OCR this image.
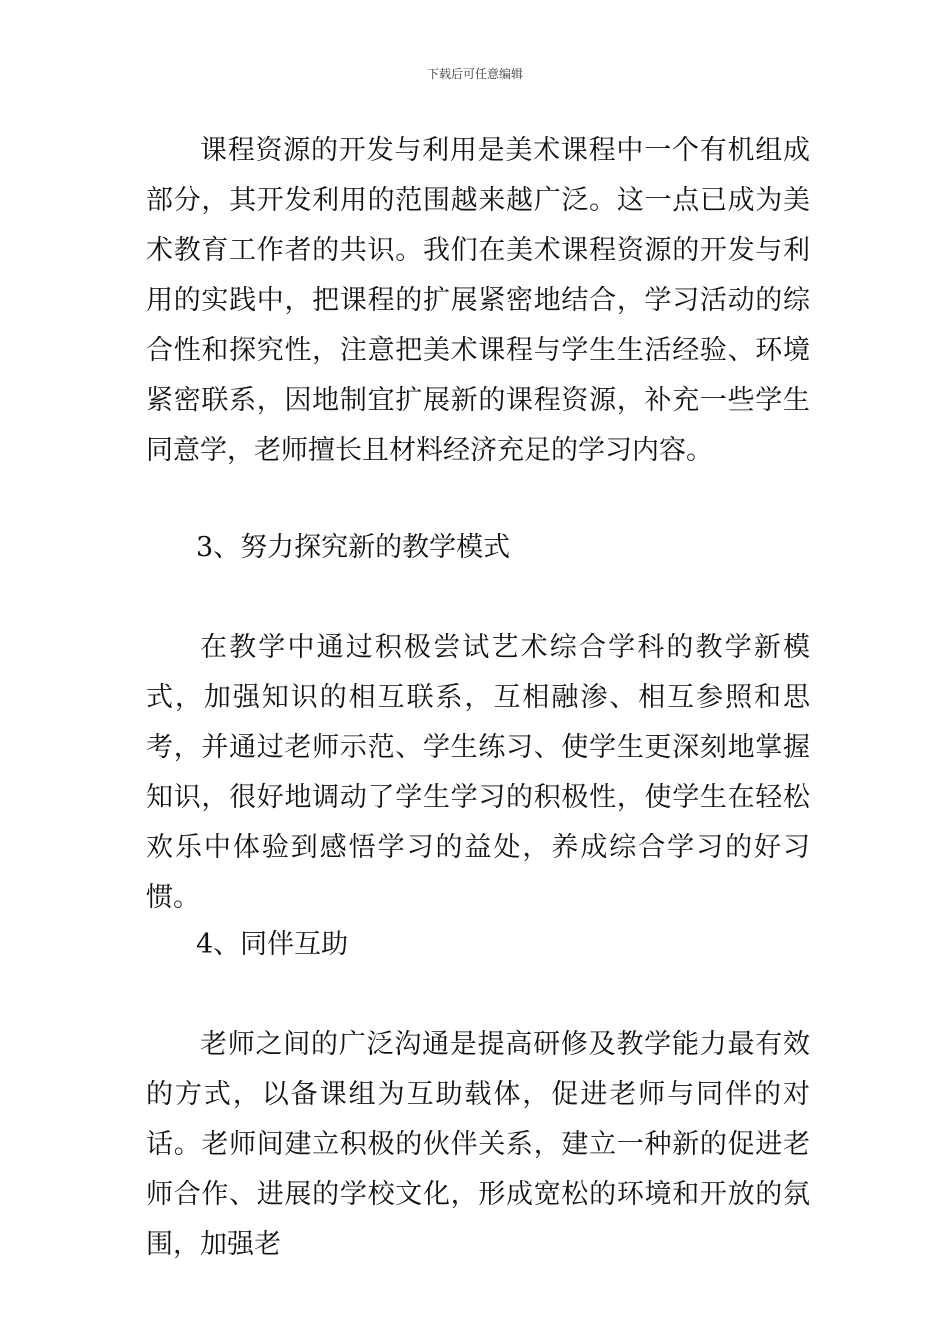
下载后可任意编辑

课程资源的开发与利用是美术课程中一个有机组成部分，其开发利用的范围越来越广泛。这一点已成为美术教育工作者的共识。我们在美术课程资源的开发与利用的实践中，把课程的扩展紧密地结合，学习活动的综合性和探究性，注意把美术课程与学生生活经验、环境紧密联系，因地制宜扩展新的课程资源，补充一些学生同意学，老师擅长且材料经济充足的学习内容。

3、努力探究新的教学模式

在教学中通过积极尝试艺术综合学科的教学新模式，加强知识的相互联系，互相融渗、相互参照和思考，并通过老师示范、学生练习、使学生更深刻地掌握知识，很好地调动了学生学习的积极性，使学生在轻松欢乐中体验到感悟学习的益处，养成综合学习的好习惯。

4、同伴互助

老师之间的广泛沟通是提高研修及教学能力最有效的方式，以备课组为互助载体，促进老师与同伴的对话。老师间建立积极的伙伴关系，建立一种新的促进老师合作、进展的学校文化，形成宽松的环境和开放的氛围，加强老
